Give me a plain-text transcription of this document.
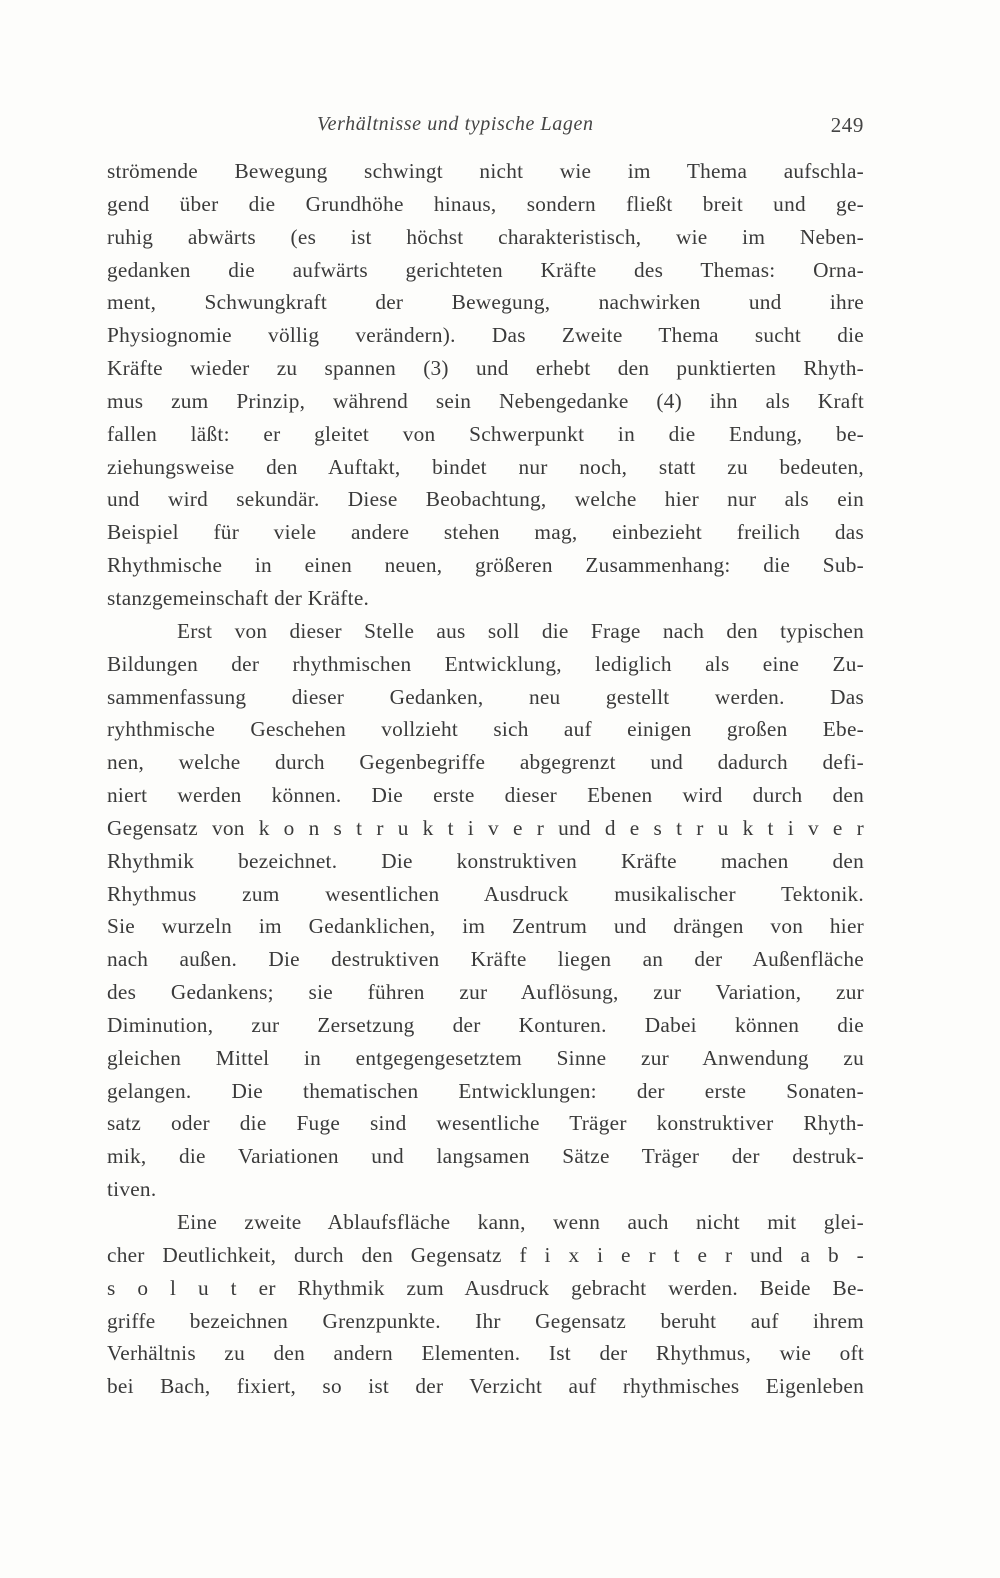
Verhältnisse und typische Lagen	249
strömende Bewegung schwingt nicht wie im Thema aufschla-
gend über die Grundhöhe hinaus, sondern fließt breit und ge-
ruhig abwärts (es ist höchst charakteristisch, wie im Neben-
gedanken die aufwärts gerichteten Kräfte des Themas: Orna-
ment, Schwungkraft der Bewegung, nachwirken und ihre
Physiognomie völlig verändern). Das Zweite Thema sucht die
Kräfte wieder zu spannen (3) und erhebt den punktierten Rhyth-
mus zum Prinzip, während sein Nebengedanke (4) ihn als Kraft
fallen läßt: er gleitet von Schwerpunkt in die Endung, be-
ziehungsweise den Auftakt, bindet nur noch, statt zu bedeuten,
und wird sekundär. Diese Beobachtung, welche hier nur als ein
Beispiel für viele andere stehen mag, einbezieht freilich das
Rhythmische in einen neuen, größeren Zusammenhang: die Sub-
stanzgemeinschaft der Kräfte.
Erst von dieser Stelle aus soll die Frage nach den typischen
Bildungen der rhythmischen Entwicklung, lediglich als eine Zu-
sammenfassung dieser Gedanken, neu gestellt werden. Das
ryhthmische Geschehen vollzieht sich auf einigen großen Ebe-
nen, welche durch Gegenbegriffe abgegrenzt und dadurch defi-
niert werden können. Die erste dieser Ebenen wird durch den
Gegensatz von k o n s t r u k t i v e r und d e s t r u k t i v e r
Rhythmik bezeichnet. Die konstruktiven Kräfte machen den
Rhythmus zum wesentlichen Ausdruck musikalischer Tektonik.
Sie wurzeln im Gedanklichen, im Zentrum und drängen von hier
nach außen. Die destruktiven Kräfte liegen an der Außenfläche
des Gedankens; sie führen zur Auflösung, zur Variation, zur
Diminution, zur Zersetzung der Konturen. Dabei können die
gleichen Mittel in entgegengesetztem Sinne zur Anwendung zu
gelangen. Die thematischen Entwicklungen: der erste Sonaten-
satz oder die Fuge sind wesentliche Träger konstruktiver Rhyth-
mik, die Variationen und langsamen Sätze Träger der destruk-
tiven.
Eine zweite Ablaufsfläche kann, wenn auch nicht mit glei-
cher Deutlichkeit, durch den Gegensatz f i x i e r t e r und a b -
s o l u t er Rhythmik zum Ausdruck gebracht werden. Beide Be-
griffe bezeichnen Grenzpunkte. Ihr Gegensatz beruht auf ihrem
Verhältnis zu den andern Elementen. Ist der Rhythmus, wie oft
bei Bach, fixiert, so ist der Verzicht auf rhythmisches Eigenleben
